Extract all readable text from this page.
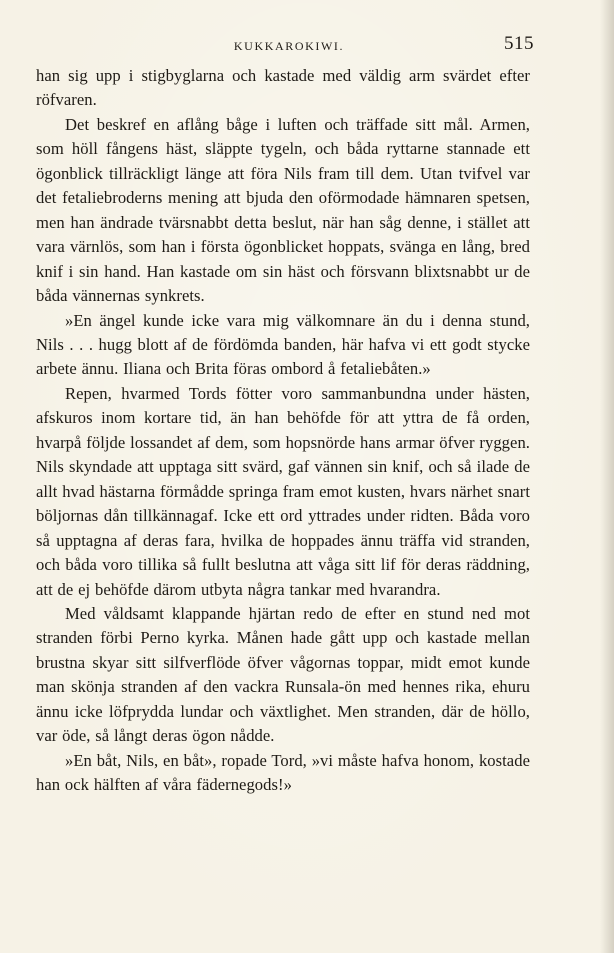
KUKKAROKIWI.	515

han sig upp i stigbyglarna och kastade med väldig arm svärdet efter röfvaren.

Det beskref en aflång båge i luften och träffade sitt mål. Armen, som höll fångens häst, släppte tygeln, och båda ryttarne stannade ett ögonblick tillräckligt länge att föra Nils fram till dem. Utan tvifvel var det fetaliebroderns mening att bjuda den oförmodade hämnaren spetsen, men han ändrade tvärsnabbt detta beslut, när han såg denne, i stället att vara värnlös, som han i första ögonblicket hoppats, svänga en lång, bred knif i sin hand. Han kastade om sin häst och försvann blixtsnabbt ur de båda vännernas synkrets.

»En ängel kunde icke vara mig välkomnare än du i denna stund, Nils . . . hugg blott af de fördömda banden, här hafva vi ett godt stycke arbete ännu. Iliana och Brita föras ombord å fetaliebåten.»

Repen, hvarmed Tords fötter voro sammanbundna under hästen, afskuros inom kortare tid, än han behöfde för att yttra de få orden, hvarpå följde lossandet af dem, som hopsnörde hans armar öfver ryggen. Nils skyndade att upptaga sitt svärd, gaf vännen sin knif, och så ilade de allt hvad hästarna förmådde springa fram emot kusten, hvars närhet snart böljornas dån tillkännagaf. Icke ett ord yttrades under ridten. Båda voro så upptagna af deras fara, hvilka de hoppades ännu träffa vid stranden, och båda voro tillika så fullt beslutna att våga sitt lif för deras räddning, att de ej behöfde därom utbyta några tankar med hvarandra.

Med våldsamt klappande hjärtan redo de efter en stund ned mot stranden förbi Perno kyrka. Månen hade gått upp och kastade mellan brustna skyar sitt silfverflöde öfver vågornas toppar, midt emot kunde man skönja stranden af den vackra Runsala-ön med hennes rika, ehuru ännu icke löfprydda lundar och växtlighet. Men stranden, där de höllo, var öde, så långt deras ögon nådde.

»En båt, Nils, en båt», ropade Tord, »vi måste hafva honom, kostade han ock hälften af våra fädernegods!»
